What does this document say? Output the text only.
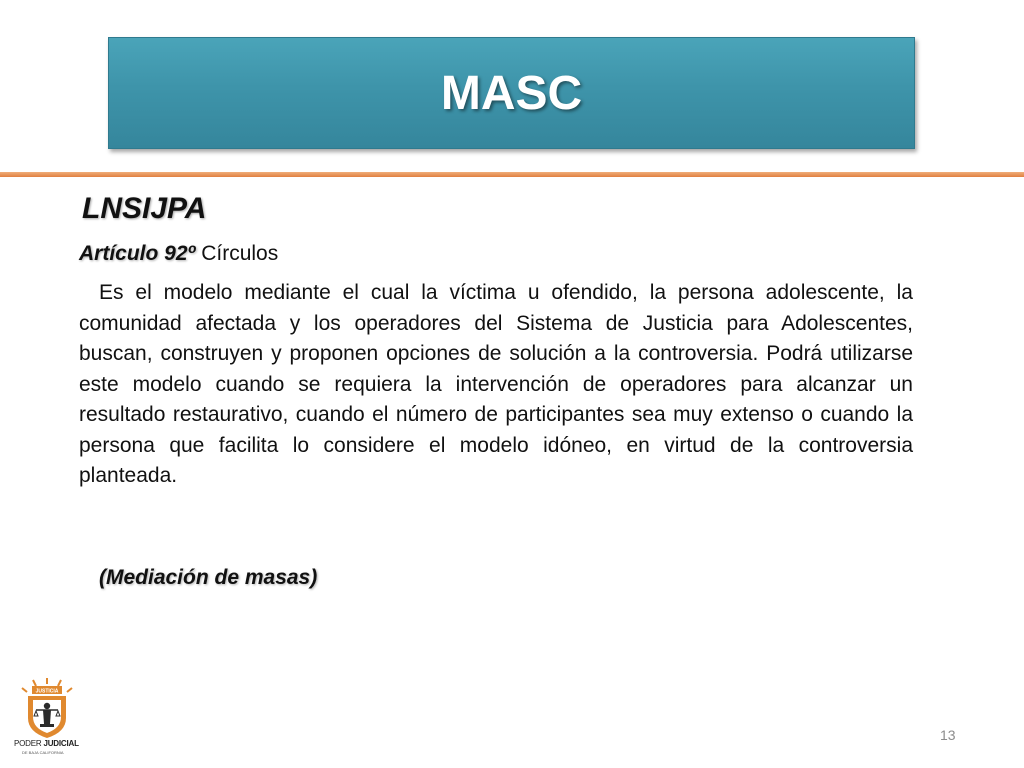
MASC
LNSIJPA
Artículo 92º Círculos

Es el modelo mediante el cual la víctima u ofendido, la persona adolescente, la comunidad afectada y los operadores del Sistema de Justicia para Adolescentes, buscan, construyen y proponen opciones de solución a la controversia. Podrá utilizarse este modelo cuando se requiera la intervención de operadores para alcanzar un resultado restaurativo, cuando el número de participantes sea muy extenso o cuando la persona que facilita lo considere el modelo idóneo, en virtud de la controversia planteada.

(Mediación de masas)
JUSTICIA
PODER JUDICIAL
DE BAJA CALIFORNIA
13
